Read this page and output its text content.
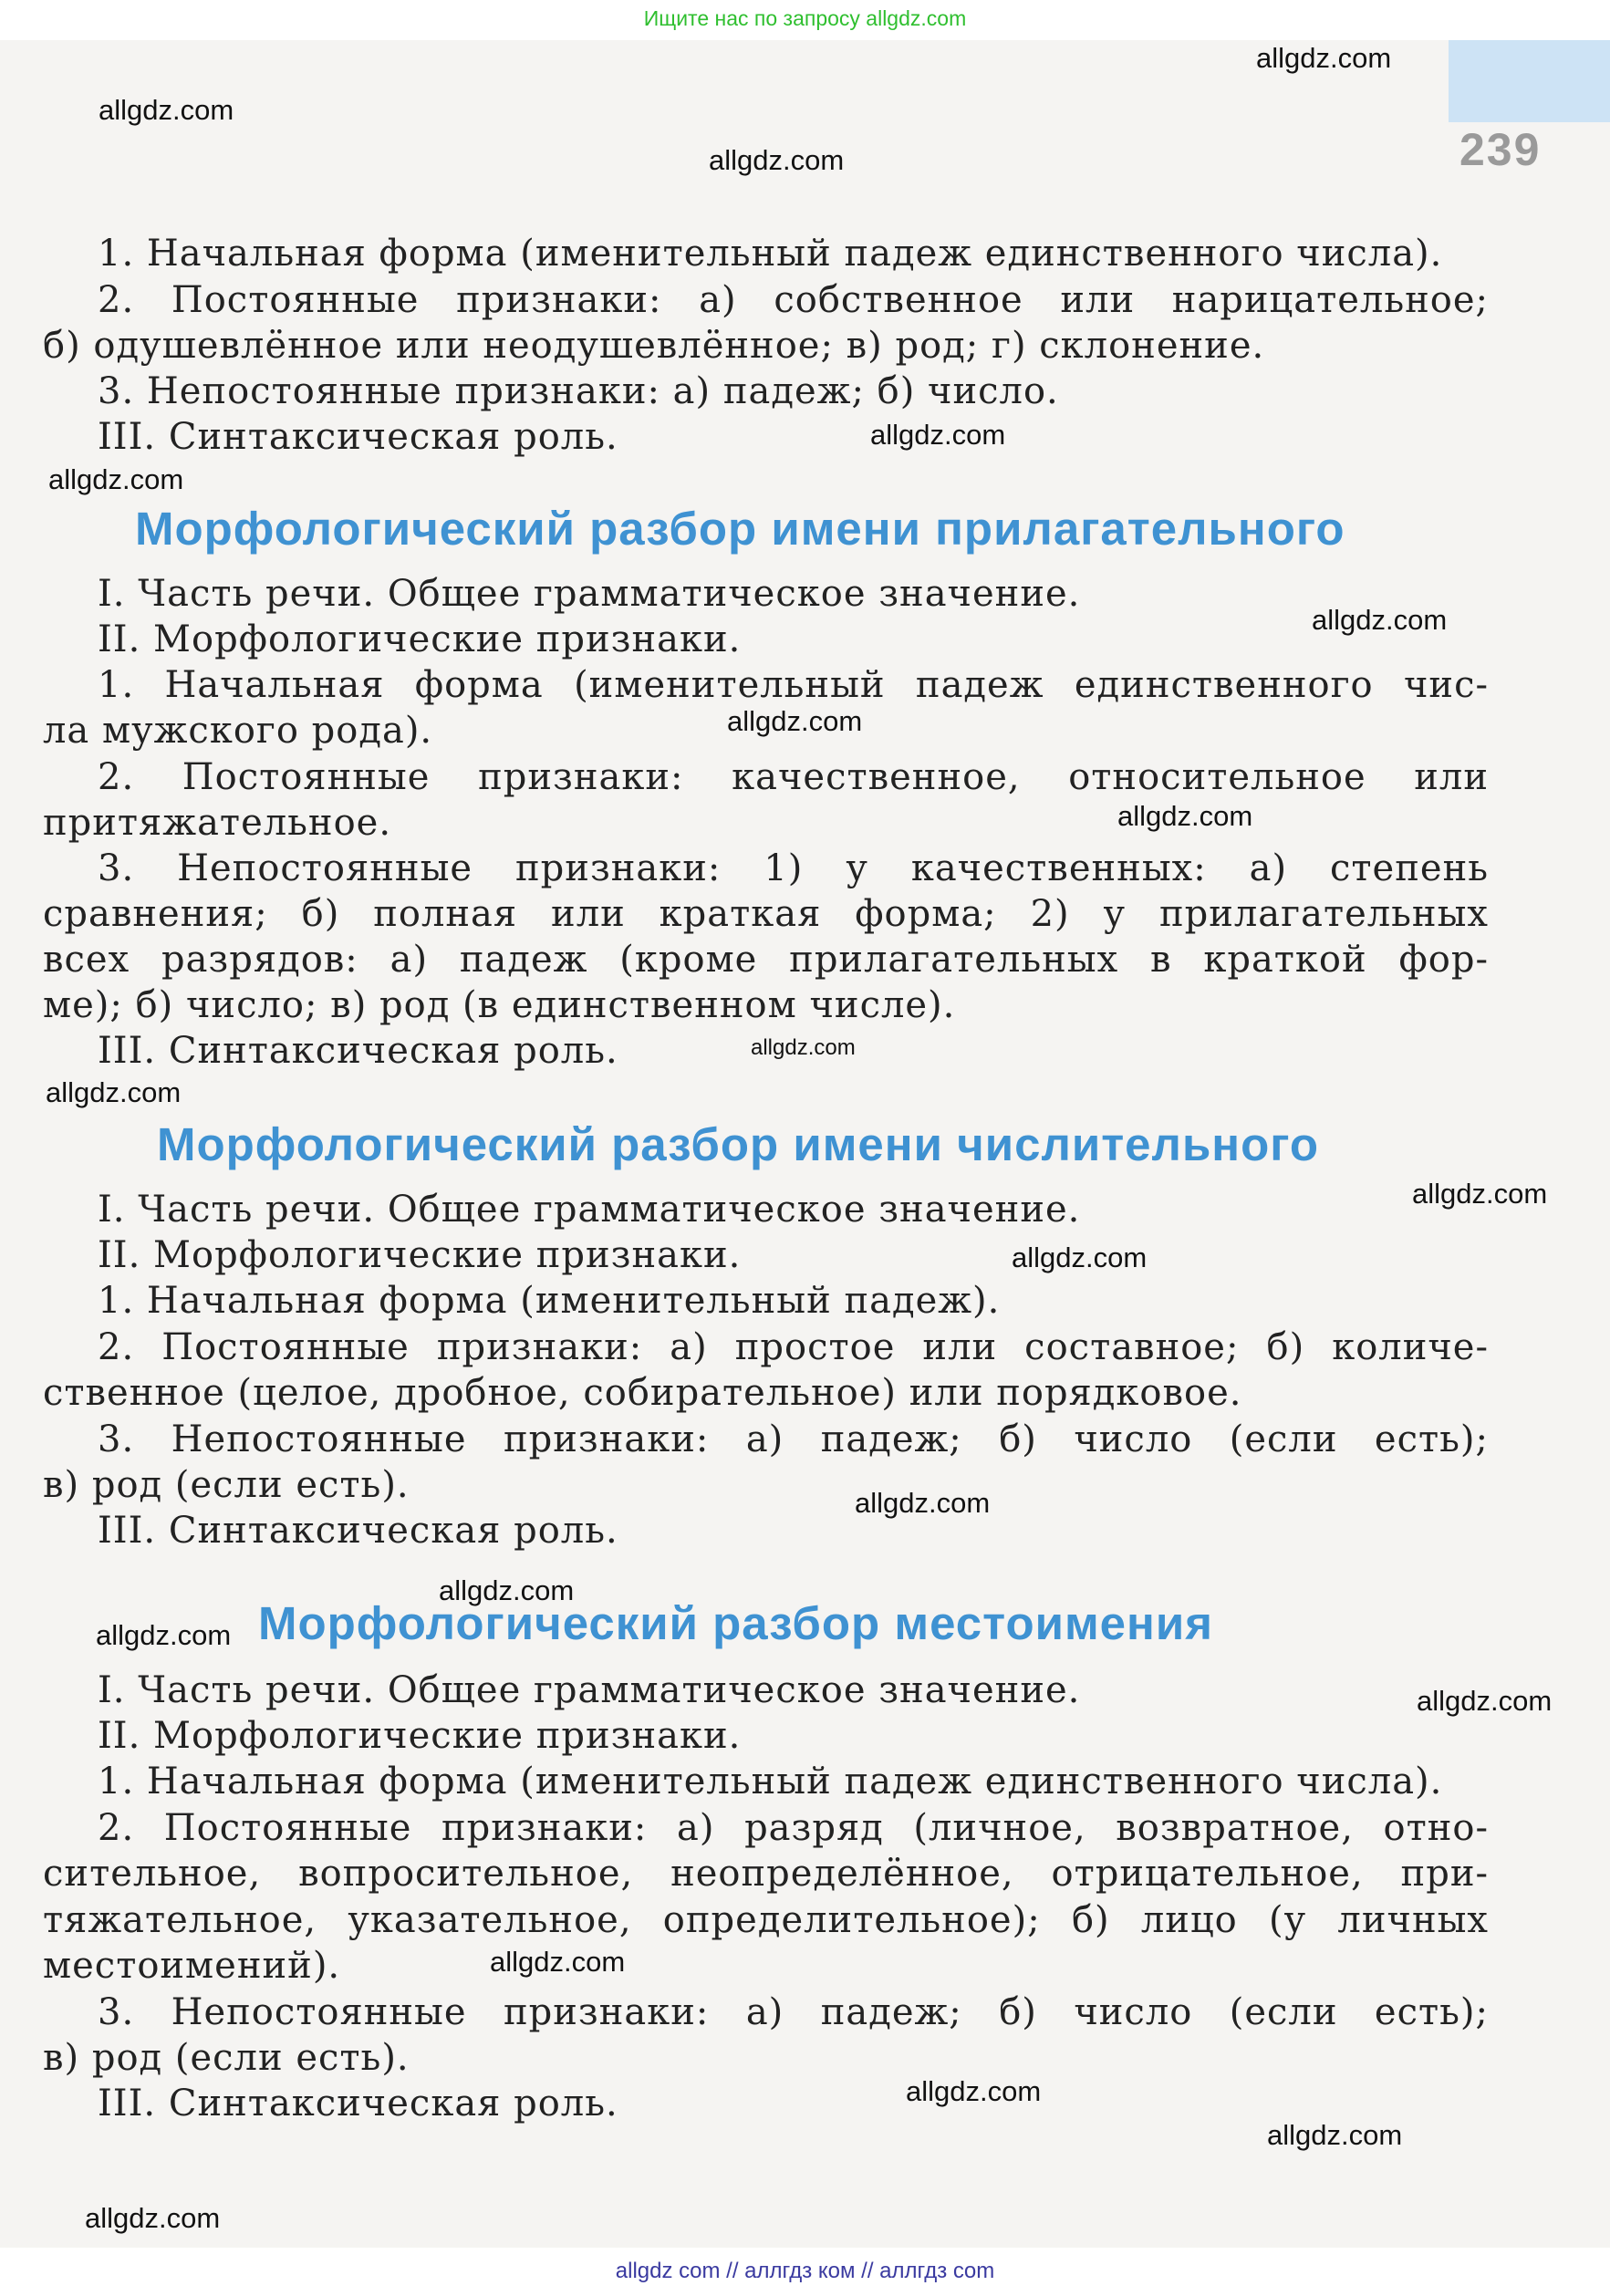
Ищите нас по запросу allgdz.com
239
1. Начальная форма (именительный падеж единственного числа).
2. Постоянные признаки: а) собственное или нарицательное;
б) одушевлённое или неодушевлённое; в) род; г) склонение.
3. Непостоянные признаки: а) падеж; б) число.
III. Синтаксическая роль.
Морфологический разбор имени прилагательного
I. Часть речи. Общее грамматическое значение.
II. Морфологические признаки.
1. Начальная форма (именительный падеж единственного чис-
ла мужского рода).
2. Постоянные признаки: качественное, относительное или
притяжательное.
3. Непостоянные признаки: 1) у качественных: а) степень
сравнения; б) полная или краткая форма; 2) у прилагательных
всех разрядов: а) падеж (кроме прилагательных в краткой фор-
ме); б) число; в) род (в единственном числе).
III. Синтаксическая роль.
Морфологический разбор имени числительного
I. Часть речи. Общее грамматическое значение.
II. Морфологические признаки.
1. Начальная форма (именительный падеж).
2. Постоянные признаки: а) простое или составное; б) количе-
ственное (целое, дробное, собирательное) или порядковое.
3. Непостоянные признаки: а) падеж; б) число (если есть);
в) род (если есть).
III. Синтаксическая роль.
Морфологический разбор местоимения
I. Часть речи. Общее грамматическое значение.
II. Морфологические признаки.
1. Начальная форма (именительный падеж единственного числа).
2. Постоянные признаки: а) разряд (личное, возвратное, отно-
сительное, вопросительное, неопределённое, отрицательное, при-
тяжательное, указательное, определительное); б) лицо (у личных
местоимений).
3. Непостоянные признаки: а) падеж; б) число (если есть);
в) род (если есть).
III. Синтаксическая роль.
allgdz.com
allgdz.com
allgdz.com
allgdz.com
allgdz.com
allgdz.com
allgdz.com
allgdz.com
allgdz.com
allgdz.com
allgdz.com
allgdz.com
allgdz.com
allgdz.com
allgdz.com
allgdz.com
allgdz.com
allgdz.com
allgdz.com
allgdz.com
allgdz com // аллгдз ком // аллгдз com
